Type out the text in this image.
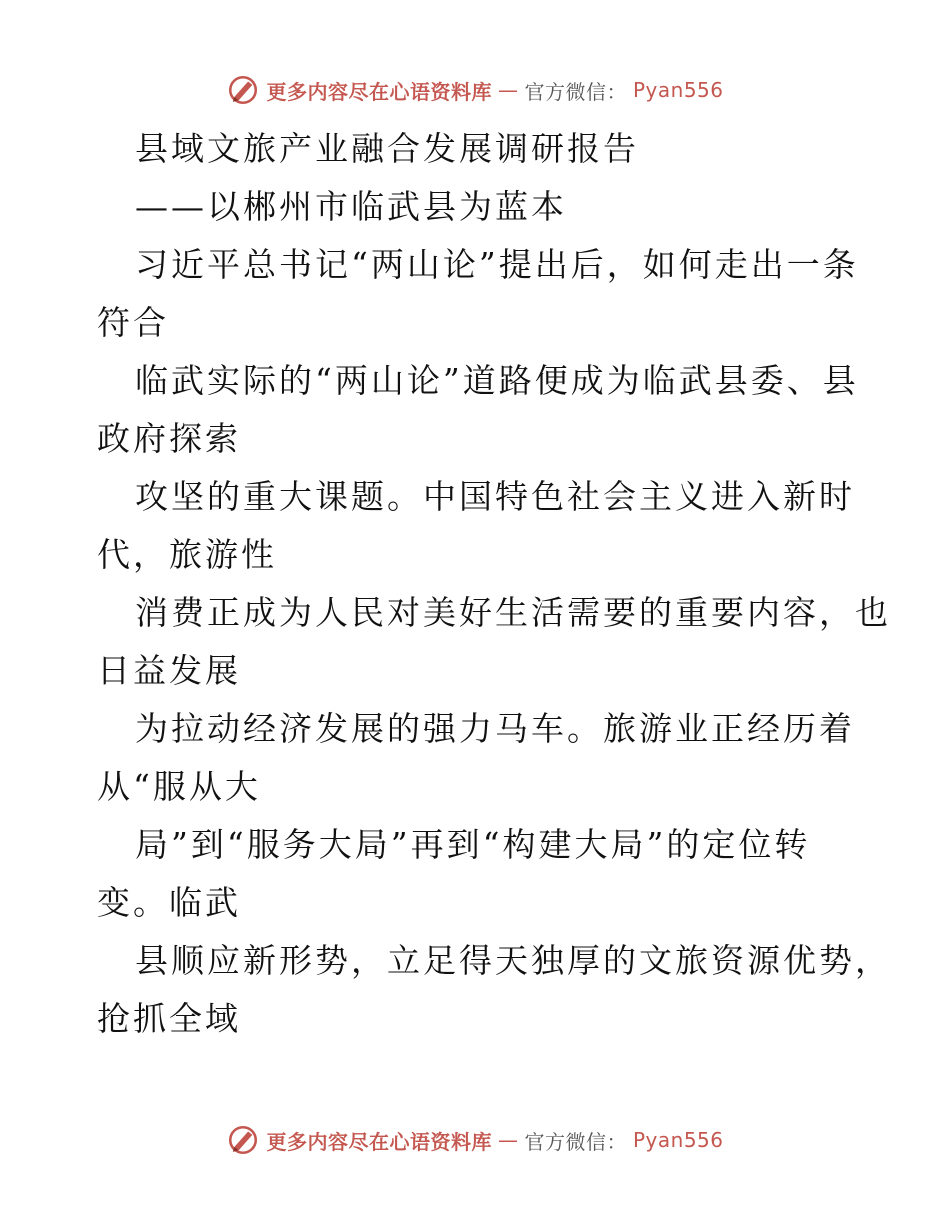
更多内容尽在心语资料库 — 官方微信： Pyan556
县域文旅产业融合发展调研报告
——以郴州市临武县为蓝本
习近平总书记“两山论”提出后，如何走出一条
符合
临武实际的“两山论”道路便成为临武县委、县
政府探索
攻坚的重大课题。中国特色社会主义进入新时
代，旅游性
消费正成为人民对美好生活需要的重要内容，也
日益发展
为拉动经济发展的强力马车。旅游业正经历着
从“服从大
局”到“服务大局”再到“构建大局”的定位转
变。临武
县顺应新形势，立足得天独厚的文旅资源优势，
抢抓全域
更多内容尽在心语资料库 — 官方微信： Pyan556
